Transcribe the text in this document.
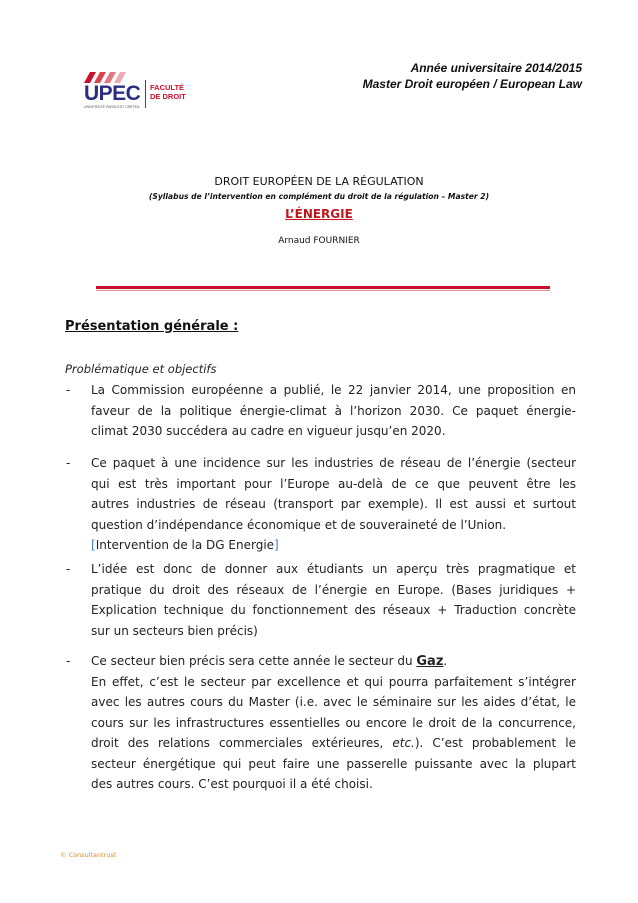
UPEC
UNIVERSITÉ PARIS-EST CRÉTEIL
FACULTÉ
DE DROIT
Année universitaire 2014/2015
Master Droit européen / European Law
DROIT EUROPÉEN DE LA RÉGULATION
(Syllabus de l’intervention en complément du droit de la régulation – Master 2)
L’ÉNERGIE
Arnaud FOURNIER
Présentation générale :
Problématique et objectifs
- La Commission européenne a publié, le 22 janvier 2014, une proposition en
faveur de la politique énergie-climat à l’horizon 2030. Ce paquet énergie-
climat 2030 succédera au cadre en vigueur jusqu’en 2020.
- Ce paquet à une incidence sur les industries de réseau de l’énergie (secteur
qui est très important pour l’Europe au-delà de ce que peuvent être les
autres industries de réseau (transport par exemple). Il est aussi et surtout
question d’indépendance économique et de souveraineté de l’Union.
[Intervention de la DG Energie]
- L’idée est donc de donner aux étudiants un aperçu très pragmatique et
pratique du droit des réseaux de l’énergie en Europe. (Bases juridiques +
Explication technique du fonctionnement des réseaux + Traduction concrète
sur un secteurs bien précis)
- Ce secteur bien précis sera cette année le secteur du Gaz.
En effet, c’est le secteur par excellence et qui pourra parfaitement s’intégrer
avec les autres cours du Master (i.e. avec le séminaire sur les aides d’état, le
cours sur les infrastructures essentielles ou encore le droit de la concurrence,
droit des relations commerciales extérieures, etc.). C’est probablement le
secteur énergétique qui peut faire une passerelle puissante avec la plupart
des autres cours. C’est pourquoi il a été choisi.
© Consultantrust
